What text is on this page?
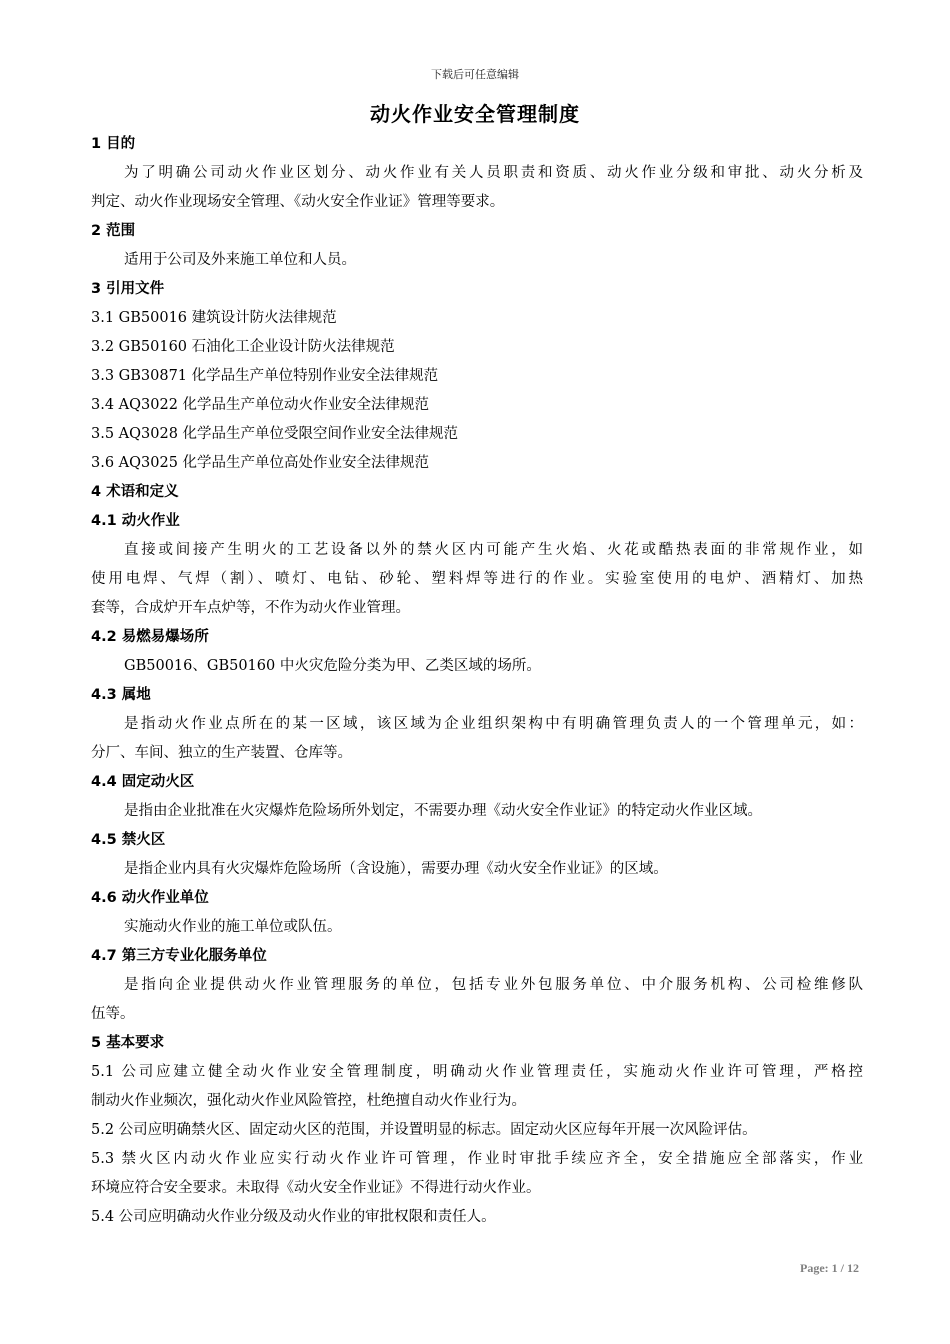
下载后可任意编辑
动火作业安全管理制度
1 目的
为了明确公司动火作业区划分、动火作业有关人员职责和资质、动火作业分级和审批、动火分析及
判定、动火作业现场安全管理、《动火安全作业证》管理等要求。
2 范围
适用于公司及外来施工单位和人员。
3 引用文件
3.1 GB50016 建筑设计防火法律规范
3.2 GB50160 石油化工企业设计防火法律规范
3.3 GB30871 化学品生产单位特别作业安全法律规范
3.4 AQ3022 化学品生产单位动火作业安全法律规范
3.5 AQ3028 化学品生产单位受限空间作业安全法律规范
3.6 AQ3025 化学品生产单位高处作业安全法律规范
4 术语和定义
4.1 动火作业
直接或间接产生明火的工艺设备以外的禁火区内可能产生火焰、火花或酷热表面的非常规作业，如
使用电焊、气焊（割）、喷灯、电钻、砂轮、塑料焊等进行的作业。实验室使用的电炉、酒精灯、加热
套等，合成炉开车点炉等，不作为动火作业管理。
4.2 易燃易爆场所
GB50016、GB50160 中火灾危险分类为甲、乙类区域的场所。
4.3 属地
是指动火作业点所在的某一区域，该区域为企业组织架构中有明确管理负责人的一个管理单元，如：
分厂、车间、独立的生产装置、仓库等。
4.4 固定动火区
是指由企业批准在火灾爆炸危险场所外划定，不需要办理《动火安全作业证》的特定动火作业区域。
4.5 禁火区
是指企业内具有火灾爆炸危险场所（含设施），需要办理《动火安全作业证》的区域。
4.6 动火作业单位
实施动火作业的施工单位或队伍。
4.7 第三方专业化服务单位
是指向企业提供动火作业管理服务的单位，包括专业外包服务单位、中介服务机构、公司检维修队
伍等。
5 基本要求
5.1 公司应建立健全动火作业安全管理制度，明确动火作业管理责任，实施动火作业许可管理，严格控
制动火作业频次，强化动火作业风险管控，杜绝擅自动火作业行为。
5.2 公司应明确禁火区、固定动火区的范围，并设置明显的标志。固定动火区应每年开展一次风险评估。
5.3 禁火区内动火作业应实行动火作业许可管理，作业时审批手续应齐全，安全措施应全部落实，作业
环境应符合安全要求。未取得《动火安全作业证》不得进行动火作业。
5.4 公司应明确动火作业分级及动火作业的审批权限和责任人。
Page: 1 / 12
